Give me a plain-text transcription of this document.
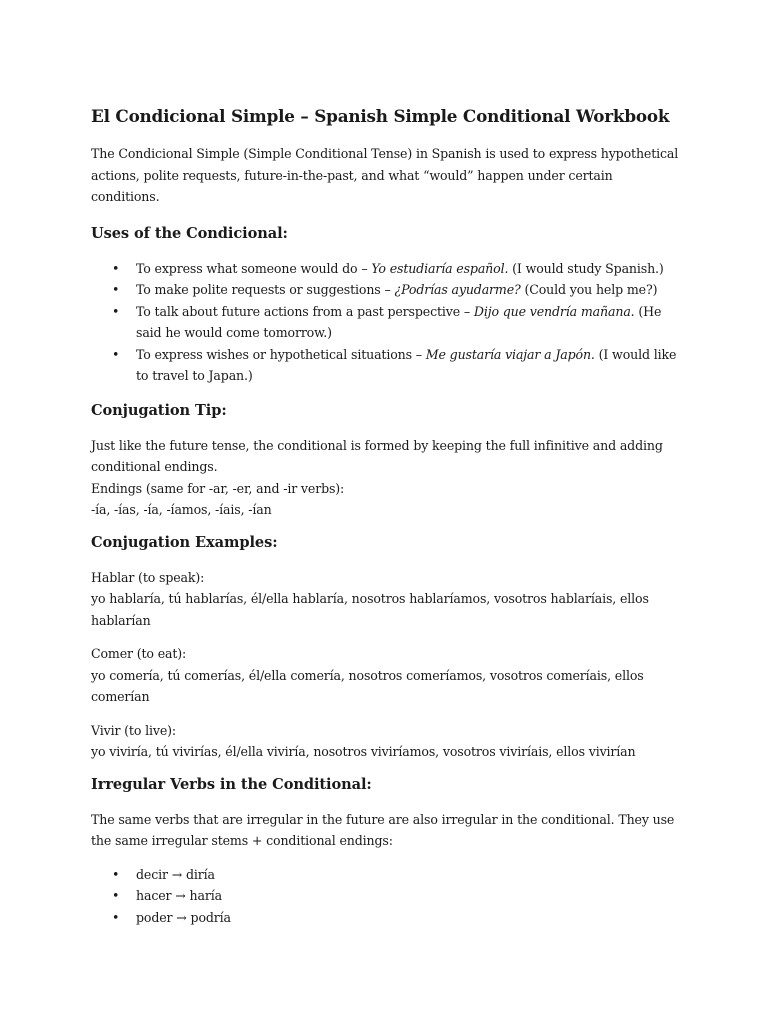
El Condicional Simple – Spanish Simple Conditional Workbook

The Condicional Simple (Simple Conditional Tense) in Spanish is used to express hypothetical actions, polite requests, future-in-the-past, and what “would” happen under certain conditions.

Uses of the Condicional:
• To express what someone would do – Yo estudiaría español. (I would study Spanish.)
• To make polite requests or suggestions – ¿Podrías ayudarme? (Could you help me?)
• To talk about future actions from a past perspective – Dijo que vendría mañana. (He said he would come tomorrow.)
• To express wishes or hypothetical situations – Me gustaría viajar a Japón. (I would like to travel to Japan.)
Conjugation Tip:

Just like the future tense, the conditional is formed by keeping the full infinitive and adding conditional endings.
Endings (same for -ar, -er, and -ir verbs):
-ía, -ías, -ía, -íamos, -íais, -ían

Conjugation Examples:

Hablar (to speak):
yo hablaría, tú hablarías, él/ella hablaría, nosotros hablaríamos, vosotros hablaríais, ellos hablarían

Comer (to eat):
yo comería, tú comerías, él/ella comería, nosotros comeríamos, vosotros comeríais, ellos comerían

Vivir (to live):
yo viviría, tú vivirías, él/ella viviría, nosotros viviríamos, vosotros viviríais, ellos vivirían

Irregular Verbs in the Conditional:

The same verbs that are irregular in the future are also irregular in the conditional. They use the same irregular stems + conditional endings:

• decir → diría
• hacer → haría
• poder → podría
